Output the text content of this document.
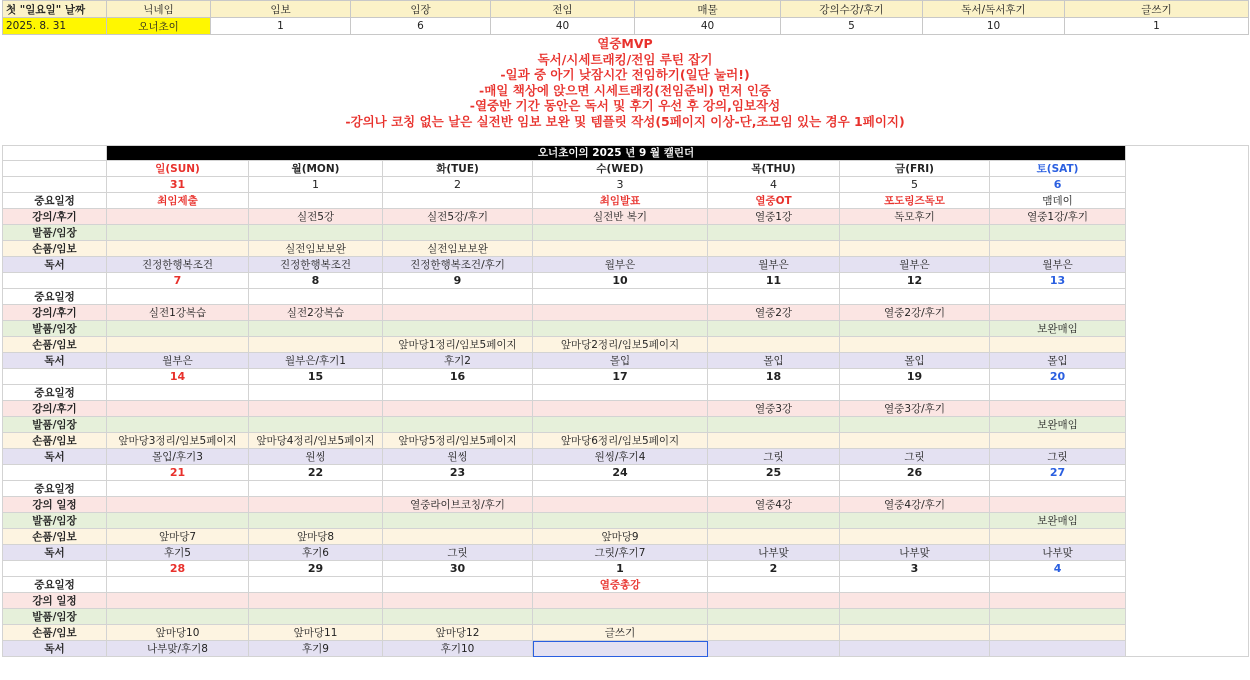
첫 "일요일" 날짜	닉네임	임보	임장	전임	매물	강의수강/후기	독서/독서후기	글쓰기
2025. 8. 31	오너초이	1	6	40	40	5	10	1
열중MVP
독서/시세트래킹/전임 루틴 잡기
-일과 중 아기 낮잠시간 전임하기(일단 눌러!)
-매일 책상에 앉으면 시세트래킹(전임준비) 먼저 인증
-열중반 기간 동안은 독서 및 후기 우선 후 강의,임보작성
-강의나 코칭 없는 날은 실전반 임보 보완 및 템플릿 작성(5페이지 이상-단,조모임 있는 경우 1페이지)
	오너초이의 2025 년 9 월 캘린더							MVP가 된다는 마음으로 전심을 다해 열중반과정에 몰입한다
	일(SUN)	월(MON)	화(TUE)	수(WED)	목(THU)	금(FRI)	토(SAT)	
	31	1	2	3	4	5	6	
중요일정	최임제출			최임발표	열중OT	포도링즈독모	맴데이	
강의/후기		실전5강	실전5강/후기	실전반 복기	열중1강	독모후기	열중1강/후기	
발품/임장								
손품/임보		실전임보보완	실전임보보완					
독서	진정한행복조건	진정한행복조건	진정한행복조건/후기	월부은	월부은	월부은	월부은	
	7	8	9	10	11	12	13	
중요일정								
강의/후기	실전1강복습	실전2강복습			열중2강	열중2강/후기		
발품/임장							보완매임	
손품/임보			앞마당1정리/임보5페이지	앞마당2정리/임보5페이지				
독서	월부은	월부은/후기1	후기2	몰입	몰입	몰입	몰입	
	14	15	16	17	18	19	20	
중요일정								
강의/후기					열중3강	열중3강/후기		
발품/임장							보완매임	
손품/임보	앞마당3정리/임보5페이지	앞마당4정리/임보5페이지	앞마당5정리/임보5페이지	앞마당6정리/임보5페이지				
독서	몰입/후기3	원씽	원씽	원씽/후기4	그릿	그릿	그릿	
	21	22	23	24	25	26	27	
중요일정								
강의 일정			열중라이브코칭/후기		열중4강	열중4강/후기		
발품/임장							보완매임	
손품/임보	앞마당7	앞마당8		앞마당9				
독서	후기5	후기6	그릿	그릿/후기7	나부맞	나부맞	나부맞	
	28	29	30	1	2	3	4	
중요일정				열중총강				
강의 일정								
발품/임장								
손품/임보	앞마당10	앞마당11	앞마당12	글쓰기				
독서	나부맞/후기8	후기9	후기10					
